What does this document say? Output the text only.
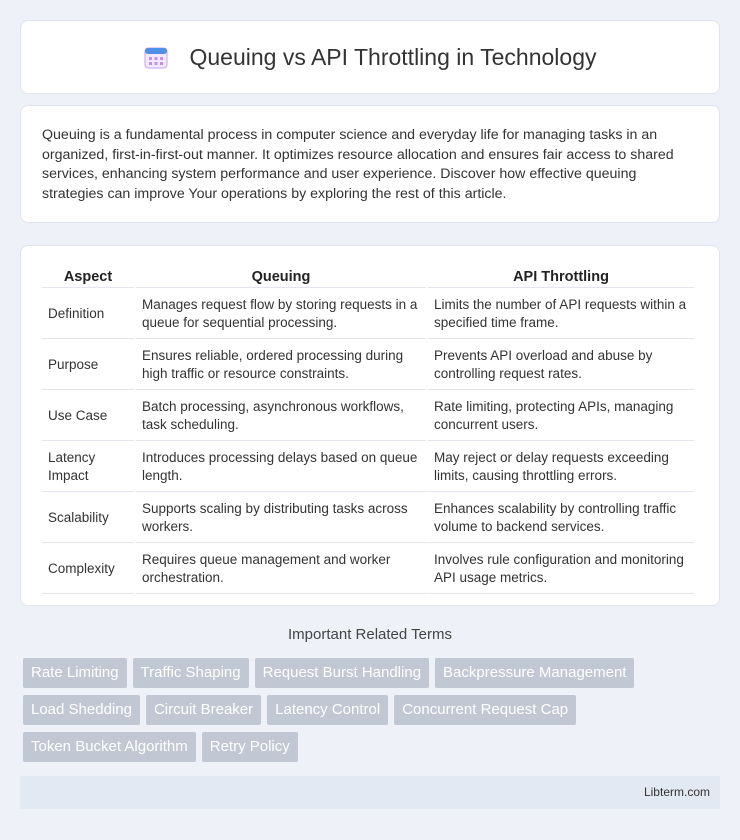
Queuing vs API Throttling in Technology

Queuing is a fundamental process in computer science and everyday life for managing tasks in an organized, first-in-first-out manner. It optimizes resource allocation and ensures fair access to shared services, enhancing system performance and user experience. Discover how effective queuing strategies can improve Your operations by exploring the rest of this article.

Aspect	Queuing	API Throttling
Definition	Manages request flow by storing requests in a queue for sequential processing.	Limits the number of API requests within a specified time frame.
Purpose	Ensures reliable, ordered processing during high traffic or resource constraints.	Prevents API overload and abuse by controlling request rates.
Use Case	Batch processing, asynchronous workflows, task scheduling.	Rate limiting, protecting APIs, managing concurrent users.
Latency Impact	Introduces processing delays based on queue length.	May reject or delay requests exceeding limits, causing throttling errors.
Scalability	Supports scaling by distributing tasks across workers.	Enhances scalability by controlling traffic volume to backend services.
Complexity	Requires queue management and worker orchestration.	Involves rule configuration and monitoring API usage metrics.
Important Related Terms
Rate Limiting	Traffic Shaping	Request Burst Handling	Backpressure Management
Load Shedding	Circuit Breaker	Latency Control	Concurrent Request Cap
Token Bucket Algorithm	Retry Policy
Libterm.com
